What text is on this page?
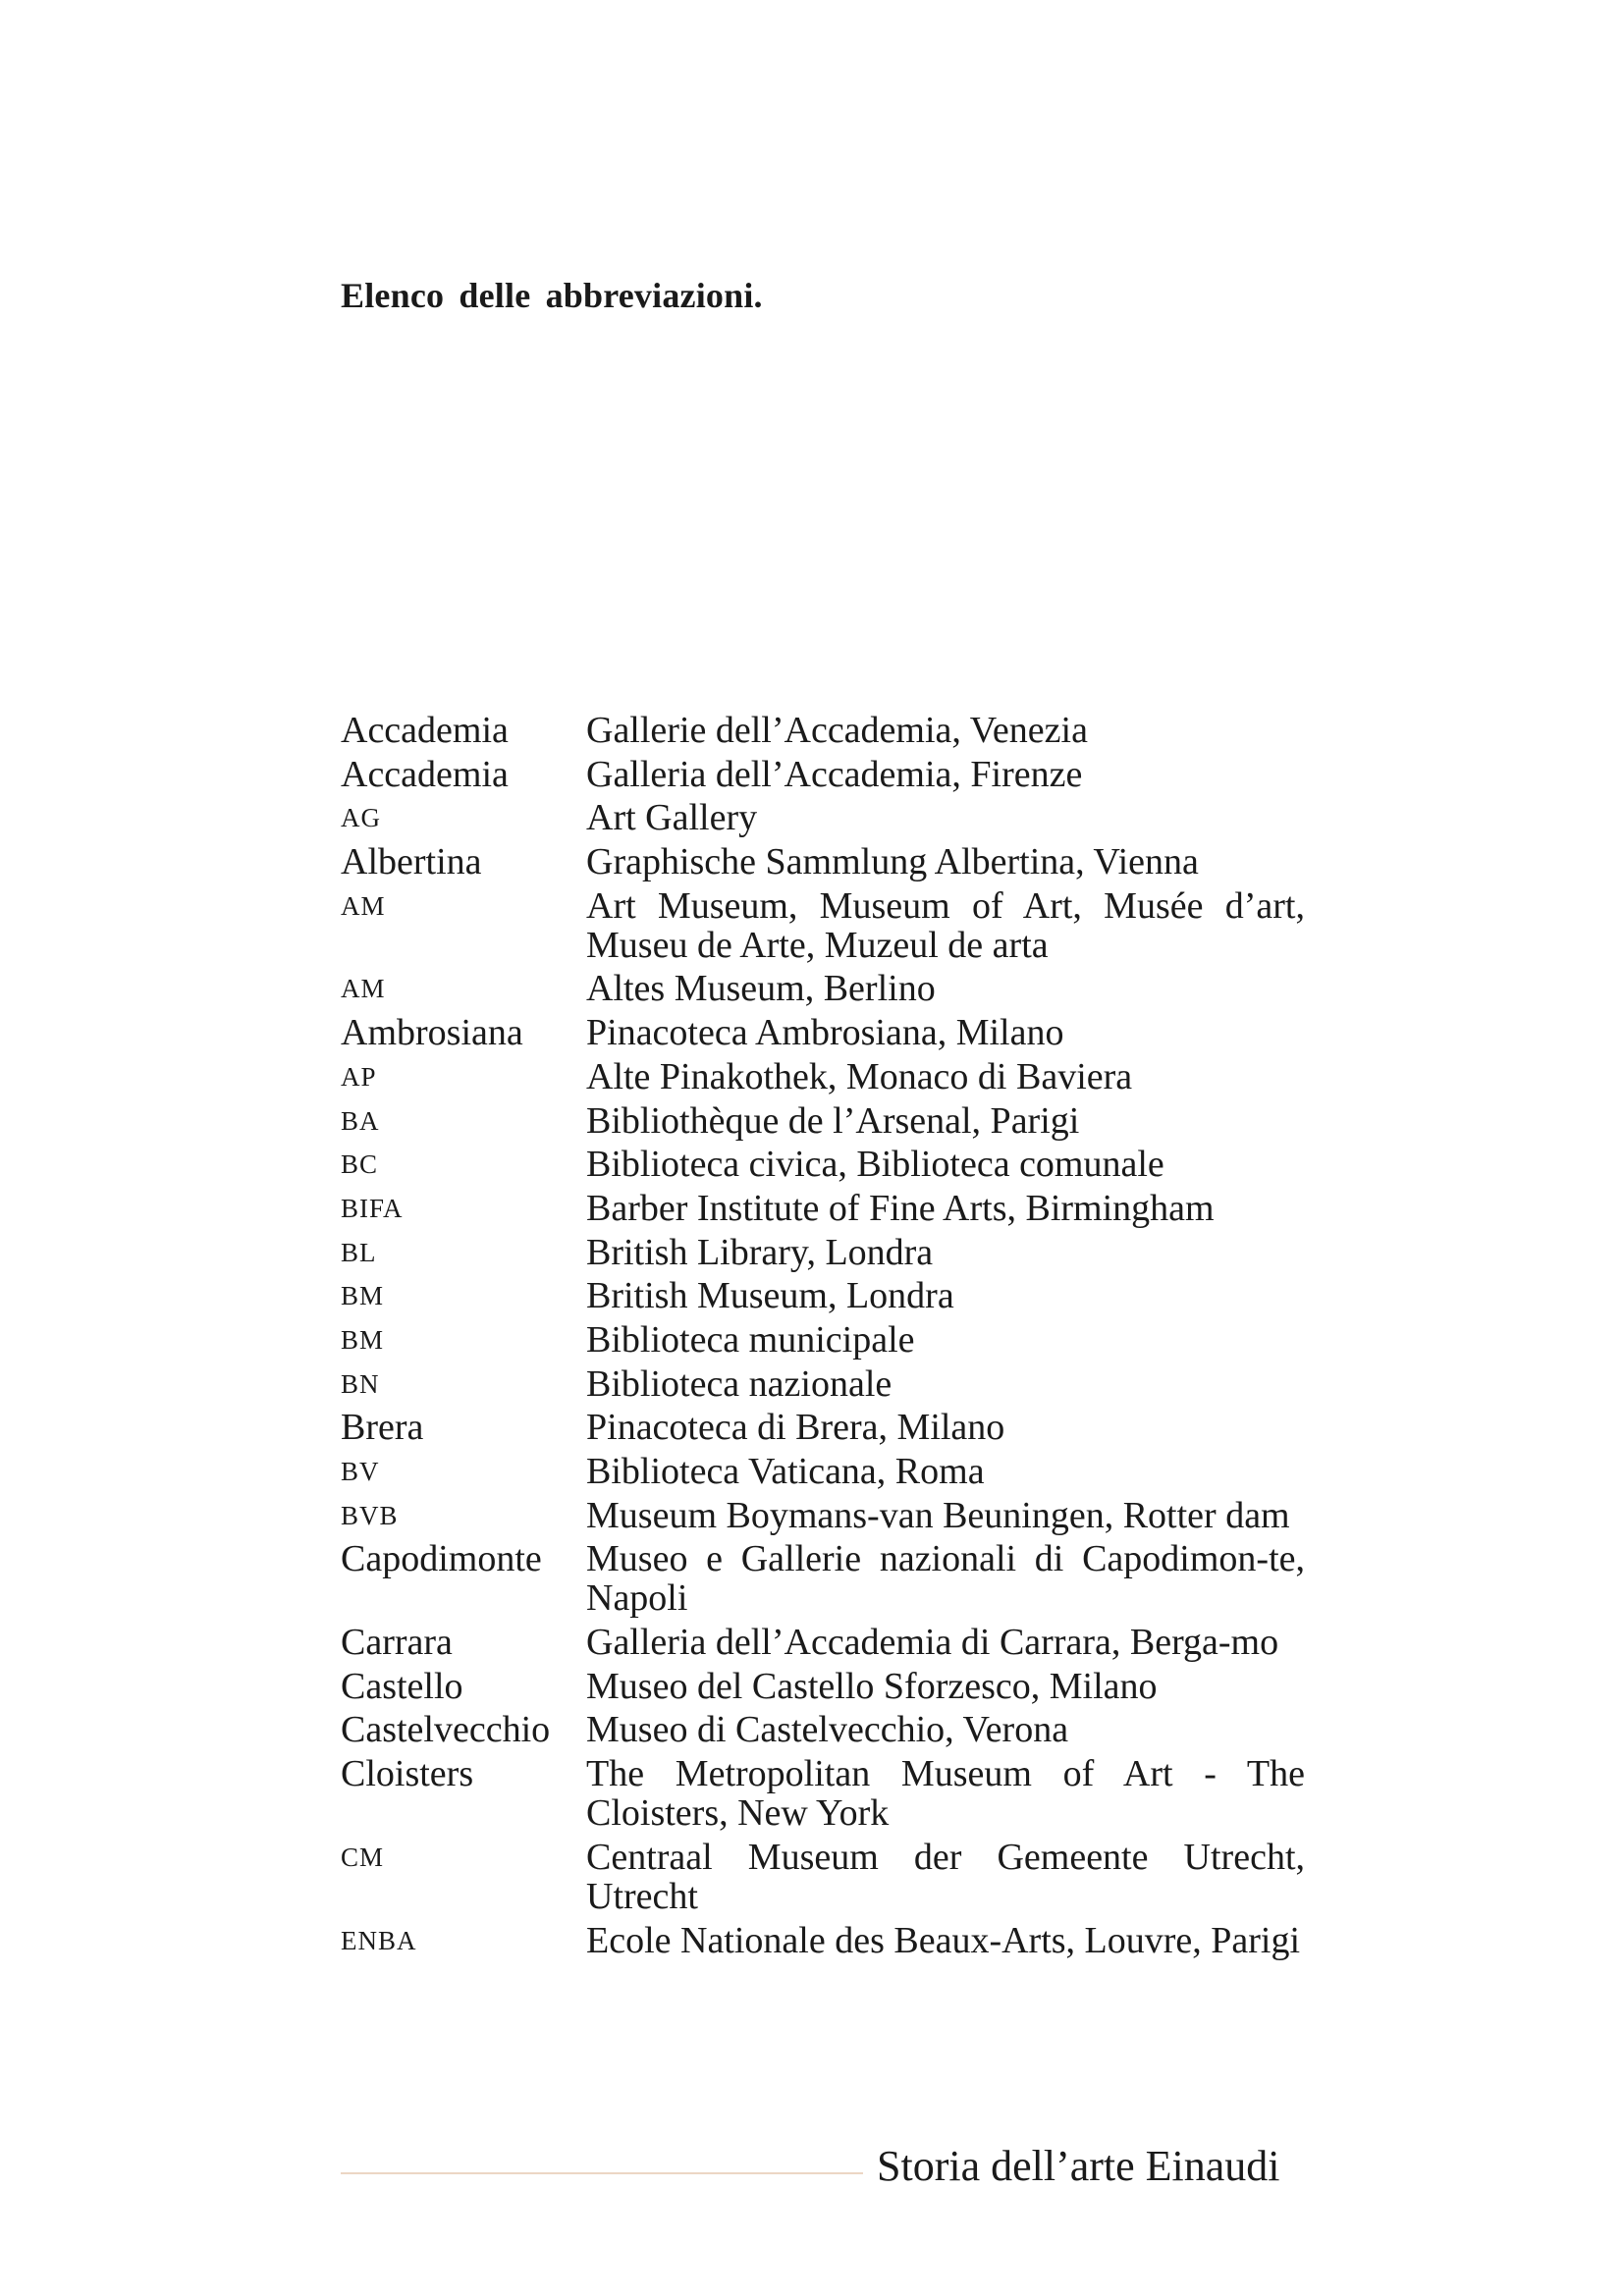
Elenco delle abbreviazioni.
Accademia	Gallerie dell’Accademia, Venezia
Accademia	Galleria dell’Accademia, Firenze
AG	Art Gallery
Albertina	Graphische Sammlung Albertina, Vienna
AM	Art Museum, Museum of Art, Musée d’art, Museu de Arte, Muzeul de arta
AM	Altes Museum, Berlino
Ambrosiana	Pinacoteca Ambrosiana, Milano
AP	Alte Pinakothek, Monaco di Baviera
BA	Bibliothèque de l’Arsenal, Parigi
BC	Biblioteca civica, Biblioteca comunale
BIFA	Barber Institute of Fine Arts, Birmingham
BL	British Library, Londra
BM	British Museum, Londra
BM	Biblioteca municipale
BN	Biblioteca nazionale
Brera	Pinacoteca di Brera, Milano
BV	Biblioteca Vaticana, Roma
BVB	Museum Boymans-van Beuningen, Rotter dam
Capodimonte	Museo e Gallerie nazionali di Capodimon-te, Napoli
Carrara	Galleria dell’Accademia di Carrara, Berga-mo
Castello	Museo del Castello Sforzesco, Milano
Castelvecchio	Museo di Castelvecchio, Verona
Cloisters	The Metropolitan Museum of Art - The Cloisters, New York
CM	Centraal Museum der Gemeente Utrecht, Utrecht
ENBA	Ecole Nationale des Beaux-Arts, Louvre, Parigi
Storia dell’arte Einaudi
